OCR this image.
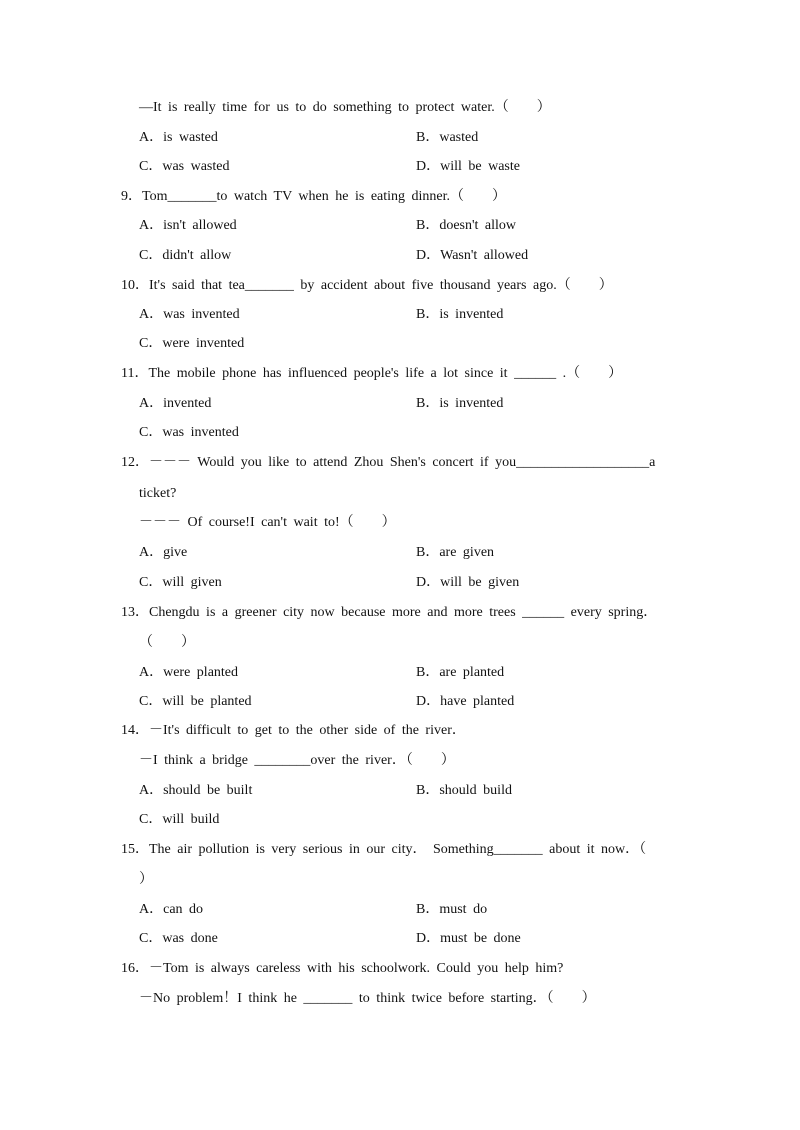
—It is really time for us to do something to protect water.（　　）
A．is wasted	B．wasted
C．was wasted	D．will be waste
9．Tom_______to watch TV when he is eating dinner.（　　）
A．isn't allowed	B．doesn't allow
C．didn't allow	D．Wasn't allowed
10．It's said that tea_______ by accident about five thousand years ago.（　　）
A．was invented	B．is invented
C．were invented
11．The mobile phone has influenced people's life a lot since it ______ .（　　）
A．invented	B．is invented
C．was invented
12．－－－ Would you like to attend Zhou Shen's concert if you___________________a
ticket?
－－－ Of course!I can't wait to!（　　）
A．give	B．are given
C．will given	D．will be given
13．Chengdu is a greener city now because more and more trees ______ every spring．
（　　）
A．were planted	B．are planted
C．will be planted	D．have planted
14．－It's difficult to get to the other side of the river．
－I think a bridge ________over the river．（　　）
A．should be built	B．should build
C．will build
15．The air pollution is very serious in our city． Something_______ about it now．（
）
A．can do	B．must do
C．was done	D．must be done
16．－Tom is always careless with his schoolwork. Could you help him?
－No problem！I think he _______ to think twice before starting．（　　）
